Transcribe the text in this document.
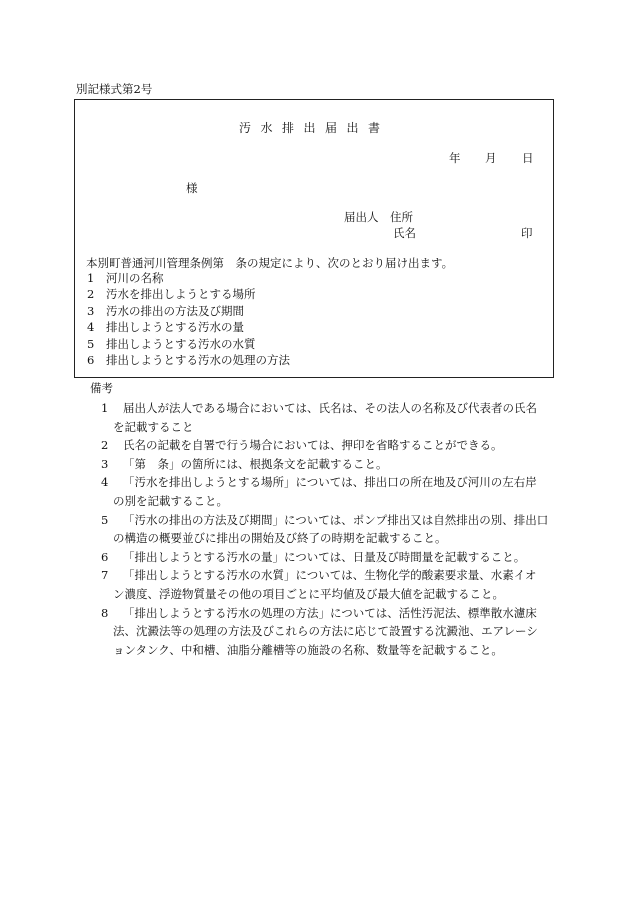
別記様式第2号
汚水排出届出書
年 月 日
様
届出人 住所
氏名	印
本別町普通河川管理条例第　条の規定により、次のとおり届け出ます。
1 河川の名称
2 汚水を排出しようとする場所
3 汚水の排出の方法及び期間
4 排出しようとする汚水の量
5 排出しようとする汚水の水質
6 排出しようとする汚水の処理の方法
備考
1 届出人が法人である場合においては、氏名は、その法人の名称及び代表者の氏名
を記載すること
2 氏名の記載を自署で行う場合においては、押印を省略することができる。
3 「第　条」の箇所には、根拠条文を記載すること。
4 「汚水を排出しようとする場所」については、排出口の所在地及び河川の左右岸
の別を記載すること。
5 「汚水の排出の方法及び期間」については、ポンプ排出又は自然排出の別、排出口
の構造の概要並びに排出の開始及び終了の時期を記載すること。
6 「排出しようとする汚水の量」については、日量及び時間量を記載すること。
7 「排出しようとする汚水の水質」については、生物化学的酸素要求量、水素イオ
ン濃度、浮遊物質量その他の項目ごとに平均値及び最大値を記載すること。
8 「排出しようとする汚水の処理の方法」については、活性汚泥法、標準散水濾床
法、沈澱法等の処理の方法及びこれらの方法に応じて設置する沈澱池、エアレーシ
ョンタンク、中和槽、油脂分離槽等の施設の名称、数量等を記載すること。
